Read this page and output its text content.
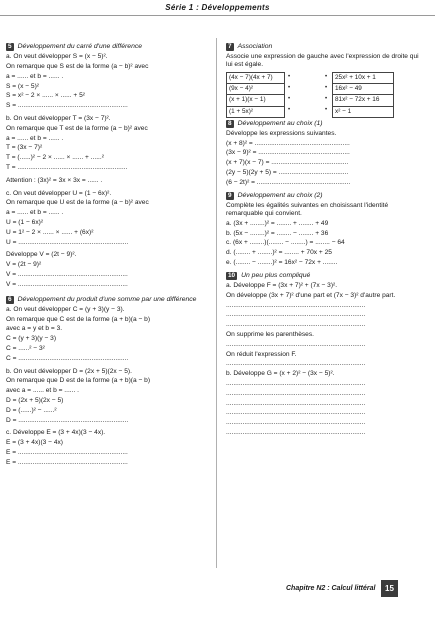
Série 1 : Développements
5 Développement du carré d'une différence
a. On veut développer S = (x − 5)².
On remarque que S est de la forme (a − b)² avec
a = ...... et b = ...... .
S = (x − 5)²
S = x² − 2 × ...... × ...... + 5²
S = ............................................................
b. On veut développer T = (3x − 7)².
On remarque que T est de la forme (a − b)² avec
a = ...... et b = ...... .
T = (3x − 7)²
T = (......)² − 2 × ...... × ...... + ......²
T = ............................................................
Attention : (3x)² = 3x × 3x = ...... .
c. On veut développer U = (1 − 6x)².
On remarque que U est de la forme (a − b)² avec
a = ...... et b = ...... .
U = (1 − 6x)²
U = 1² − 2 × ...... × ...... + (6x)²
U = ............................................................
Développe V = (2t − 9)².
V = (2t − 9)²
V = ............................................................
V = ............................................................
6 Développement du produit d'une somme par une différence
a. On veut développer C = (y + 3)(y − 3).
On remarque que C est de la forme (a + b)(a − b)
avec a = y et b = 3.
C = (y + 3)(y − 3)
C = ......² − 3²
C = ............................................................
b. On veut développer D = (2x + 5)(2x − 5).
On remarque que D est de la forme (a + b)(a − b)
avec a = ...... et b = ...... .
D = (2x + 5)(2x − 5)
D = (......)² − ......²
D = ............................................................
c. Développe E = (3 + 4x)(3 − 4x).
E = (3 + 4x)(3 − 4x)
E = ............................................................
E = ............................................................
7 Association
Associe une expression de gauche avec l'expression de droite qui lui est égale.
(4x − 7)(4x + 7)
(9x − 4)²
(x + 1)(x − 1)
(1 + 5x)²
•
•
•
•
•
•
•
•
25x² + 10x + 1
16x² − 49
81x² − 72x + 16
x² − 1
8 Développement au choix (1)
Développe les expressions suivantes.
(x + 8)² = ....................................................
(3x − 9)² = ..................................................
(x + 7)(x − 7) = ..........................................
(2y − 5)(2y + 5) = ......................................
(6 − 2t)² = ...................................................
9 Développement au choix (2)
Complète les égalités suivantes en choisissant l'identité remarquable qui convient.
a. (3x + ........)² = ........ + ........ + 49
b. (5x − ........)² = ........ − ........ + 36
c. (6x + ........)(........ − ........) = ........ − 64
d. (........ + ........)² = ........ + 70x + 25
e. (........ − ........)² = 16x² − 72x + ........
10 Un peu plus compliqué
a. Développe F = (3x + 7)² + (7x − 3)².
On développe (3x + 7)² d'une part et (7x − 3)² d'autre part.
............................................................................
............................................................................
............................................................................
On supprime les parenthèses.
............................................................................
On réduit l'expression F.
............................................................................
b. Développe G = (x + 2)² − (3x − 5)².
............................................................................
............................................................................
............................................................................
............................................................................
............................................................................
............................................................................
Chapitre N2 : Calcul littéral	15
